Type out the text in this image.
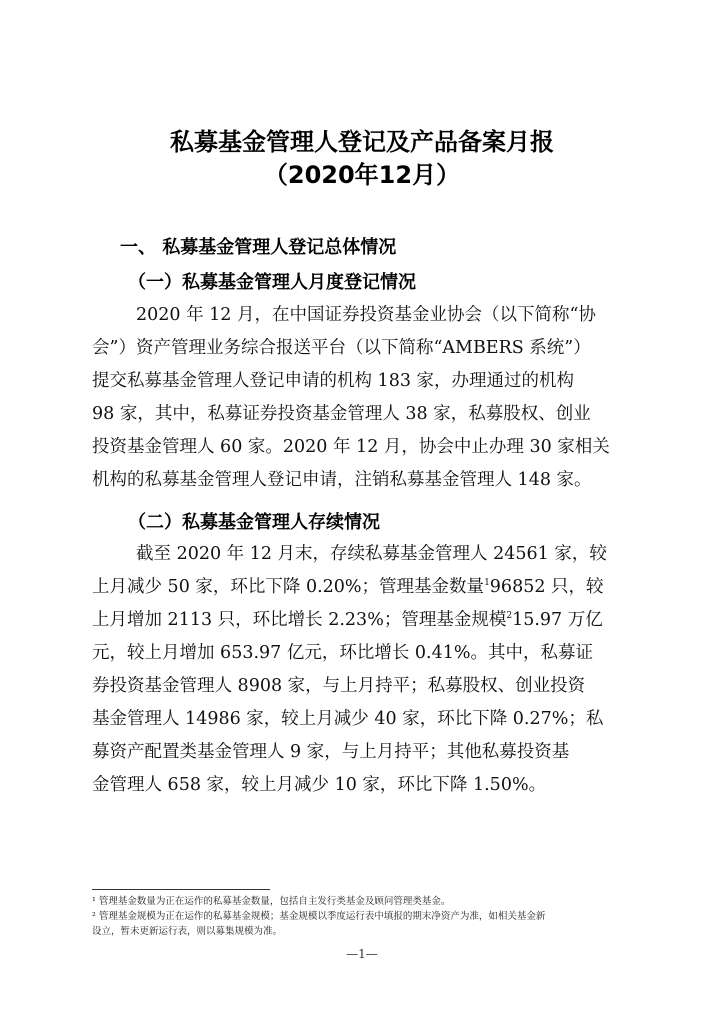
私募基金管理人登记及产品备案月报
（2020年12月）
一、 私募基金管理人登记总体情况
（一）私募基金管理人月度登记情况
2020 年 12 月，在中国证券投资基金业协会（以下简称“协
会”）资产管理业务综合报送平台（以下简称“AMBERS 系统”）
提交私募基金管理人登记申请的机构 183 家，办理通过的机构
98 家，其中，私募证券投资基金管理人 38 家，私募股权、创业
投资基金管理人 60 家。2020 年 12 月，协会中止办理 30 家相关
机构的私募基金管理人登记申请，注销私募基金管理人 148 家。
（二）私募基金管理人存续情况
截至 2020 年 12 月末，存续私募基金管理人 24561 家，较
上月减少 50 家，环比下降 0.20%；管理基金数量$^1$96852 只，较
上月增加 2113 只，环比增长 2.23%；管理基金规模$^2$15.97 万亿
元，较上月增加 653.97 亿元，环比增长 0.41%。其中，私募证
券投资基金管理人 8908 家，与上月持平；私募股权、创业投资
基金管理人 14986 家，较上月减少 40 家，环比下降 0.27%；私
募资产配置类基金管理人 9 家，与上月持平；其他私募投资基
金管理人 658 家，较上月减少 10 家，环比下降 1.50%。
¹ 管理基金数量为正在运作的私募基金数量，包括自主发行类基金及顾问管理类基金。
² 管理基金规模为正在运作的私募基金规模；基金规模以季度运行表中填报的期末净资产为准，如相关基金新
设立，暂未更新运行表，则以募集规模为准。
—1—
